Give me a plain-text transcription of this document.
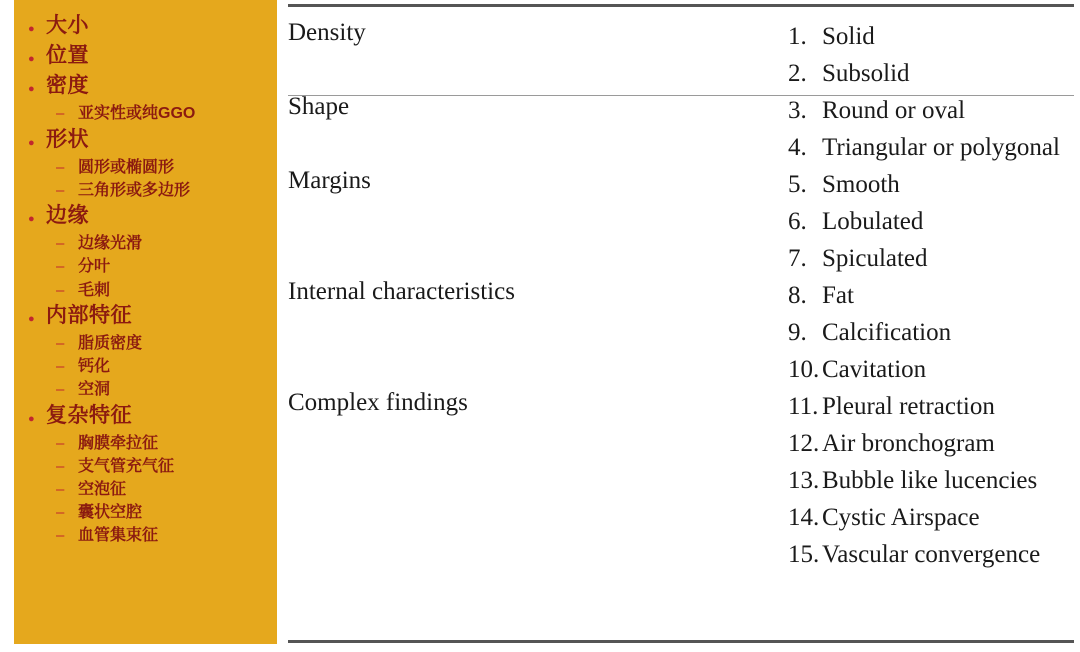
●
大小
●
位置
●
密度
–
亚实性或纯GGO
●
形状
–
圆形或椭圆形
–
三角形或多边形
●
边缘
–
边缘光滑
–
分叶
–
毛刺
●
内部特征
–
脂质密度
–
钙化
–
空洞
●
复杂特征
–
胸膜牵拉征
–
支气管充气征
–
空泡征
–
囊状空腔
–
血管集束征
Density	1. Solid
2. Subsolid
Shape	3. Round or oval
4. Triangular or polygonal
Margins	5. Smooth
6. Lobulated
7. Spiculated
Internal characteristics	8. Fat
9. Calcification
10. Cavitation
Complex findings	11. Pleural retraction
12. Air bronchogram
13. Bubble like lucencies
14. Cystic Airspace
15. Vascular convergence
